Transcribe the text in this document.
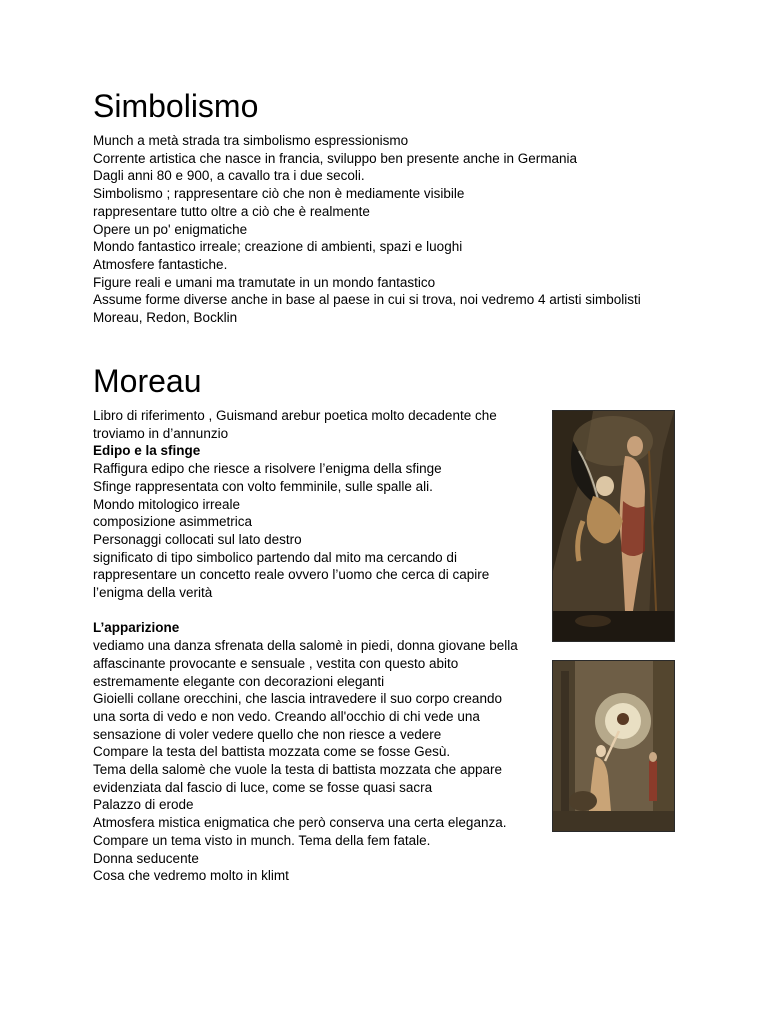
Simbolismo
Munch a metà strada tra simbolismo espressionismo
Corrente artistica che nasce in francia, sviluppo ben presente anche in Germania
Dagli anni 80 e 900, a cavallo tra i due secoli.
Simbolismo ; rappresentare ciò che non è mediamente visibile
rappresentare tutto oltre a ciò che è realmente
Opere un po' enigmatiche
Mondo fantastico irreale; creazione di ambienti, spazi e luoghi
Atmosfere fantastiche.
Figure reali e umani ma tramutate in un mondo fantastico
Assume forme diverse anche in base al paese in cui si trova, noi vedremo 4 artisti simbolisti
Moreau, Redon, Bocklin
Moreau
Libro di riferimento , Guismand arebur poetica molto decadente che
troviamo in d’annunzio
Edipo e la sfinge
Raffigura edipo che riesce a risolvere l’enigma della sfinge
Sfinge rappresentata con volto femminile, sulle spalle ali.
Mondo mitologico irreale
composizione asimmetrica
Personaggi collocati sul lato destro
significato di tipo simbolico partendo dal mito ma cercando di
rappresentare un concetto reale ovvero l’uomo che cerca di capire
l’enigma della verità
L’apparizione
vediamo una danza sfrenata della salomè in piedi, donna giovane bella
affascinante provocante e sensuale , vestita con questo abito
estremamente elegante con decorazioni eleganti
Gioielli collane orecchini, che lascia intravedere il suo corpo creando
una sorta di vedo e non vedo. Creando all'occhio di chi vede una
sensazione di voler vedere quello che non riesce a vedere
Compare la testa del battista mozzata come se fosse Gesù.
Tema della salomè che vuole la testa di battista mozzata che appare
evidenziata dal fascio di luce, come se fosse quasi sacra
Palazzo di erode
Atmosfera mistica enigmatica che però conserva una certa eleganza.
Compare un tema visto in munch. Tema della fem fatale.
Donna seducente
Cosa che vedremo molto in klimt
